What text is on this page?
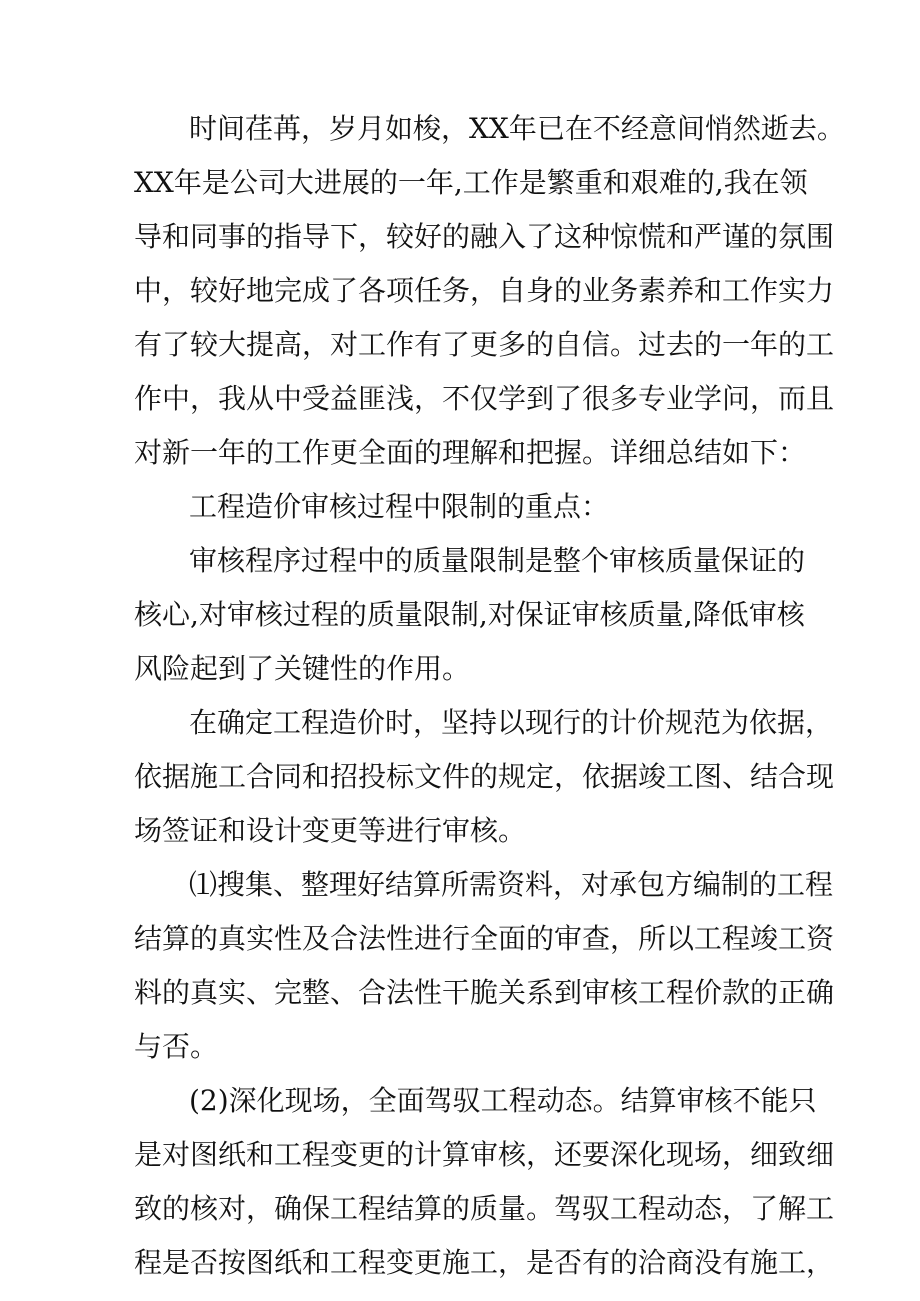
时间荏苒，岁月如梭，XX年已在不经意间悄然逝去。

XX年是公司大进展的一年,工作是繁重和艰难的,我在领

导和同事的指导下，较好的融入了这种惊慌和严谨的氛围

中，较好地完成了各项任务，自身的业务素养和工作实力

有了较大提高，对工作有了更多的自信。过去的一年的工

作中，我从中受益匪浅，不仅学到了很多专业学问，而且

对新一年的工作更全面的理解和把握。详细总结如下：

工程造价审核过程中限制的重点：

审核程序过程中的质量限制是整个审核质量保证的

核心,对审核过程的质量限制,对保证审核质量,降低审核

风险起到了关键性的作用。

在确定工程造价时，坚持以现行的计价规范为依据，

依据施工合同和招投标文件的规定，依据竣工图、结合现

场签证和设计变更等进行审核。

⑴搜集、整理好结算所需资料，对承包方编制的工程

结算的真实性及合法性进行全面的审查，所以工程竣工资

料的真实、完整、合法性干脆关系到审核工程价款的正确

与否。

(2)深化现场，全面驾驭工程动态。结算审核不能只

是对图纸和工程变更的计算审核，还要深化现场，细致细

致的核对，确保工程结算的质量。驾驭工程动态，了解工

程是否按图纸和工程变更施工，是否有的洽商没有施工，
